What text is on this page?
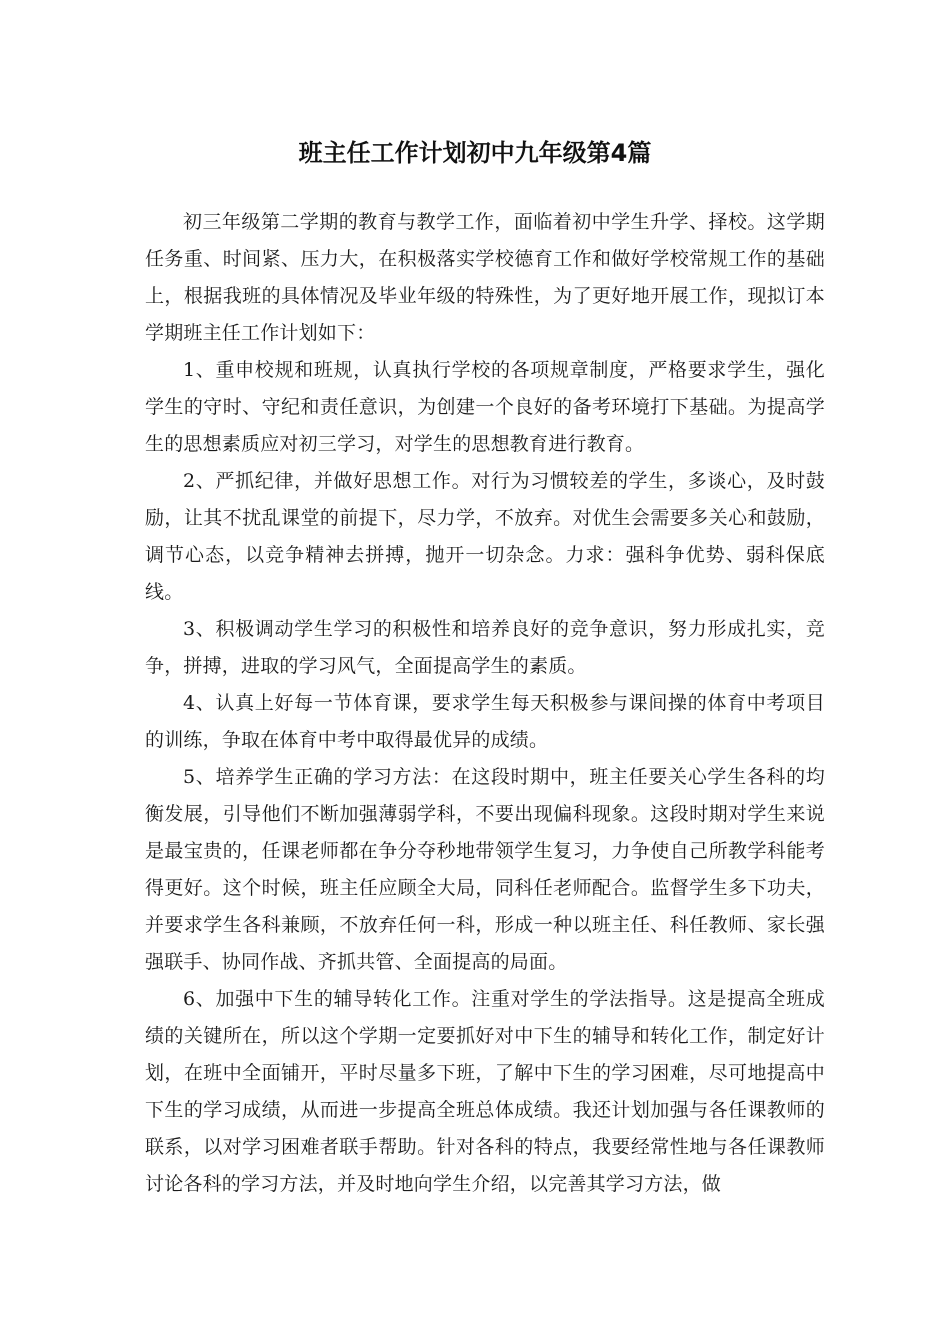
班主任工作计划初中九年级第4篇

初三年级第二学期的教育与教学工作，面临着初中学生升学、择校。这学期任务重、时间紧、压力大，在积极落实学校德育工作和做好学校常规工作的基础上，根据我班的具体情况及毕业年级的特殊性，为了更好地开展工作，现拟订本学期班主任工作计划如下：

1、重申校规和班规，认真执行学校的各项规章制度，严格要求学生，强化学生的守时、守纪和责任意识，为创建一个良好的备考环境打下基础。为提高学生的思想素质应对初三学习，对学生的思想教育进行教育。

2、严抓纪律，并做好思想工作。对行为习惯较差的学生，多谈心，及时鼓励，让其不扰乱课堂的前提下，尽力学，不放弃。对优生会需要多关心和鼓励，调节心态，以竞争精神去拼搏，抛开一切杂念。力求：强科争优势、弱科保底线。

3、积极调动学生学习的积极性和培养良好的竞争意识，努力形成扎实，竞争，拼搏，进取的学习风气，全面提高学生的素质。

4、认真上好每一节体育课，要求学生每天积极参与课间操的体育中考项目的训练，争取在体育中考中取得最优异的成绩。

5、培养学生正确的学习方法：在这段时期中，班主任要关心学生各科的均衡发展，引导他们不断加强薄弱学科，不要出现偏科现象。这段时期对学生来说是最宝贵的，任课老师都在争分夺秒地带领学生复习，力争使自己所教学科能考得更好。这个时候，班主任应顾全大局，同科任老师配合。监督学生多下功夫，并要求学生各科兼顾，不放弃任何一科，形成一种以班主任、科任教师、家长强强联手、协同作战、齐抓共管、全面提高的局面。

6、加强中下生的辅导转化工作。注重对学生的学法指导。这是提高全班成绩的关键所在，所以这个学期一定要抓好对中下生的辅导和转化工作，制定好计划，在班中全面铺开，平时尽量多下班，了解中下生的学习困难，尽可地提高中下生的学习成绩，从而进一步提高全班总体成绩。我还计划加强与各任课教师的联系，以对学习困难者联手帮助。针对各科的特点，我要经常性地与各任课教师讨论各科的学习方法，并及时地向学生介绍，以完善其学习方法，做
